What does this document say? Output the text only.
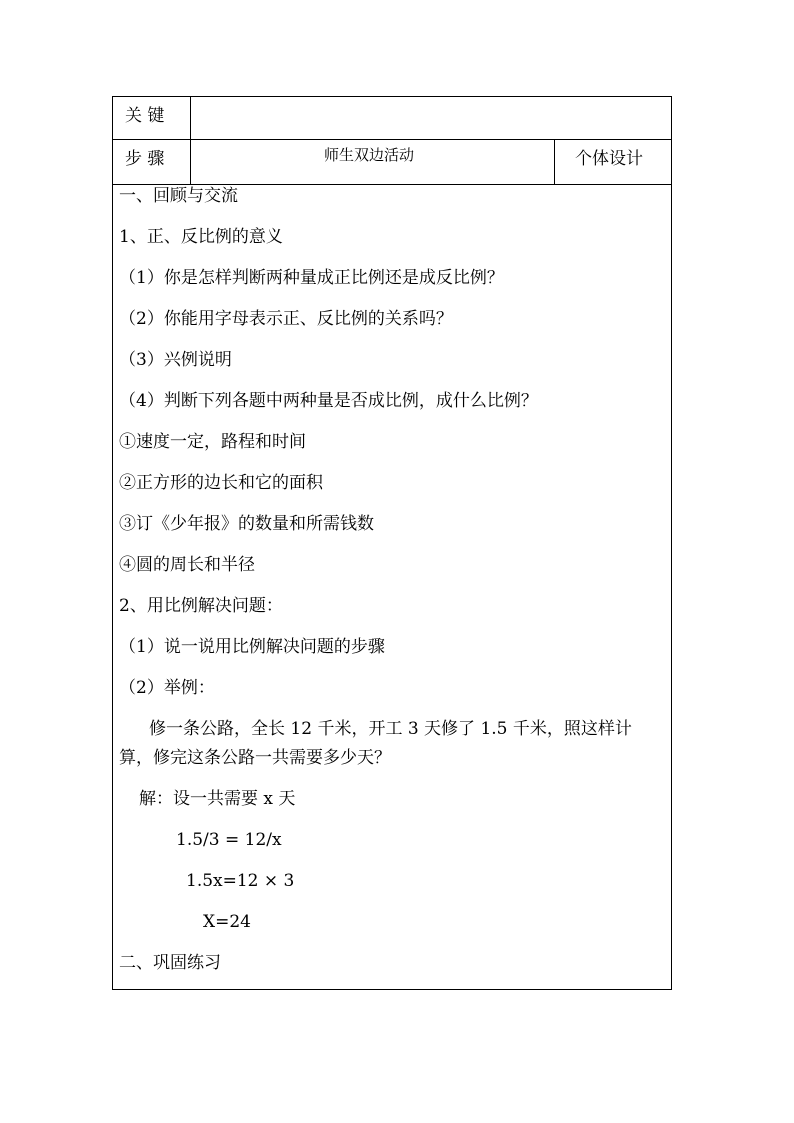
关 键
步 骤	师生双边活动	个体设计
一、回顾与交流
1、正、反比例的意义
（1）你是怎样判断两种量成正比例还是成反比例？
（2）你能用字母表示正、反比例的关系吗？
（3）兴例说明
（4）判断下列各题中两种量是否成比例，成什么比例？
①速度一定，路程和时间
②正方形的边长和它的面积
③订《少年报》的数量和所需钱数
④圆的周长和半径
2、用比例解决问题：
（1）说一说用比例解决问题的步骤
（2）举例：
修一条公路，全长 12 千米，开工 3 天修了 1.5 千米，照这样计
算，修完这条公路一共需要多少天？
解：设一共需要 x 天
1.5/3 = 12/x
1.5x=12 × 3
X=24
二、巩固练习
